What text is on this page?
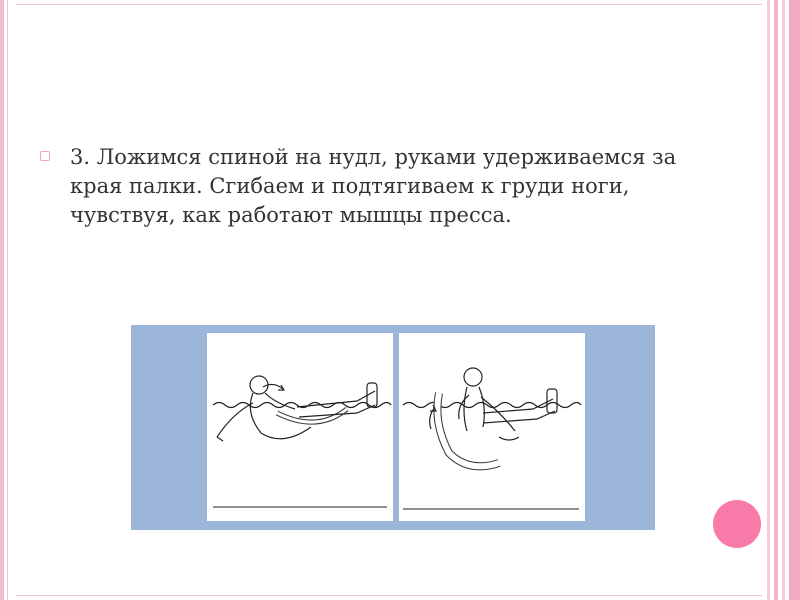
3. Ложимся спиной на нудл, руками удерживаемся за края палки. Сгибаем и подтягиваем к груди ноги, чувствуя, как работают мышцы пресса.
